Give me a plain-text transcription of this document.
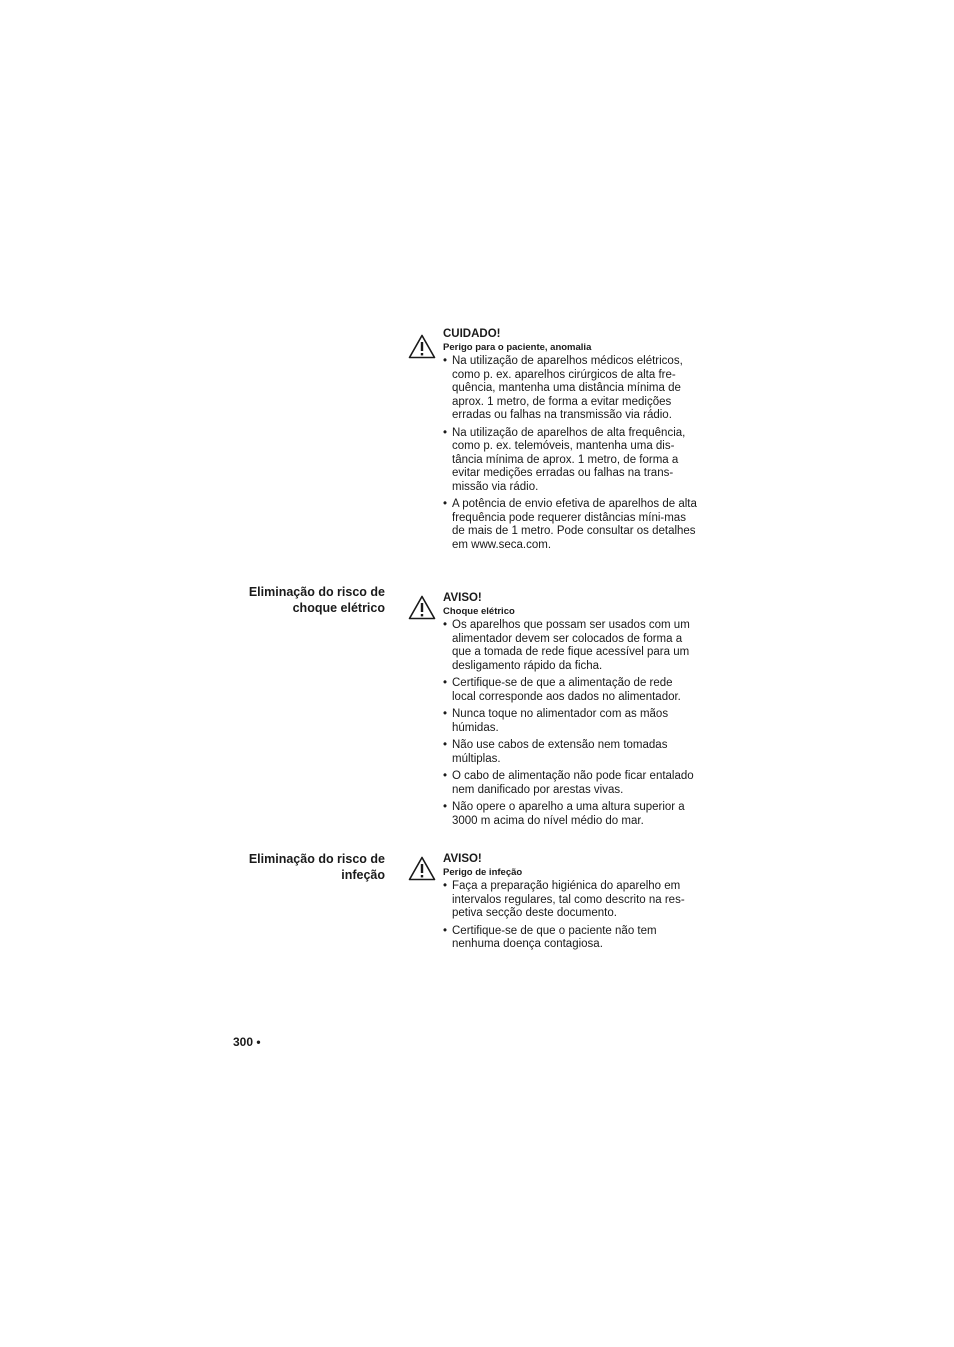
CUIDADO!
Perigo para o paciente, anomalia
• Na utilização de aparelhos médicos elétricos, como p. ex. aparelhos cirúrgicos de alta fre-quência, mantenha uma distância mínima de aprox. 1 metro, de forma a evitar medições erradas ou falhas na transmissão via rádio.
• Na utilização de aparelhos de alta frequência, como p. ex. telemóveis, mantenha uma dis-tância mínima de aprox. 1 metro, de forma a evitar medições erradas ou falhas na trans-missão via rádio.
• A potência de envio efetiva de aparelhos de alta frequência pode requerer distâncias míni-mas de mais de 1 metro. Pode consultar os detalhes em www.seca.com.
Eliminação do risco de
choque elétrico
AVISO!
Choque elétrico
• Os aparelhos que possam ser usados com um alimentador devem ser colocados de forma a que a tomada de rede fique acessível para um desligamento rápido da ficha.
• Certifique-se de que a alimentação de rede local corresponde aos dados no alimentador.
• Nunca toque no alimentador com as mãos húmidas.
• Não use cabos de extensão nem tomadas múltiplas.
• O cabo de alimentação não pode ficar entalado nem danificado por arestas vivas.
• Não opere o aparelho a uma altura superior a 3000 m acima do nível médio do mar.
Eliminação do risco de
infeção
AVISO!
Perigo de infeção
• Faça a preparação higiénica do aparelho em intervalos regulares, tal como descrito na res-petiva secção deste documento.
• Certifique-se de que o paciente não tem nenhuma doença contagiosa.
300 •
